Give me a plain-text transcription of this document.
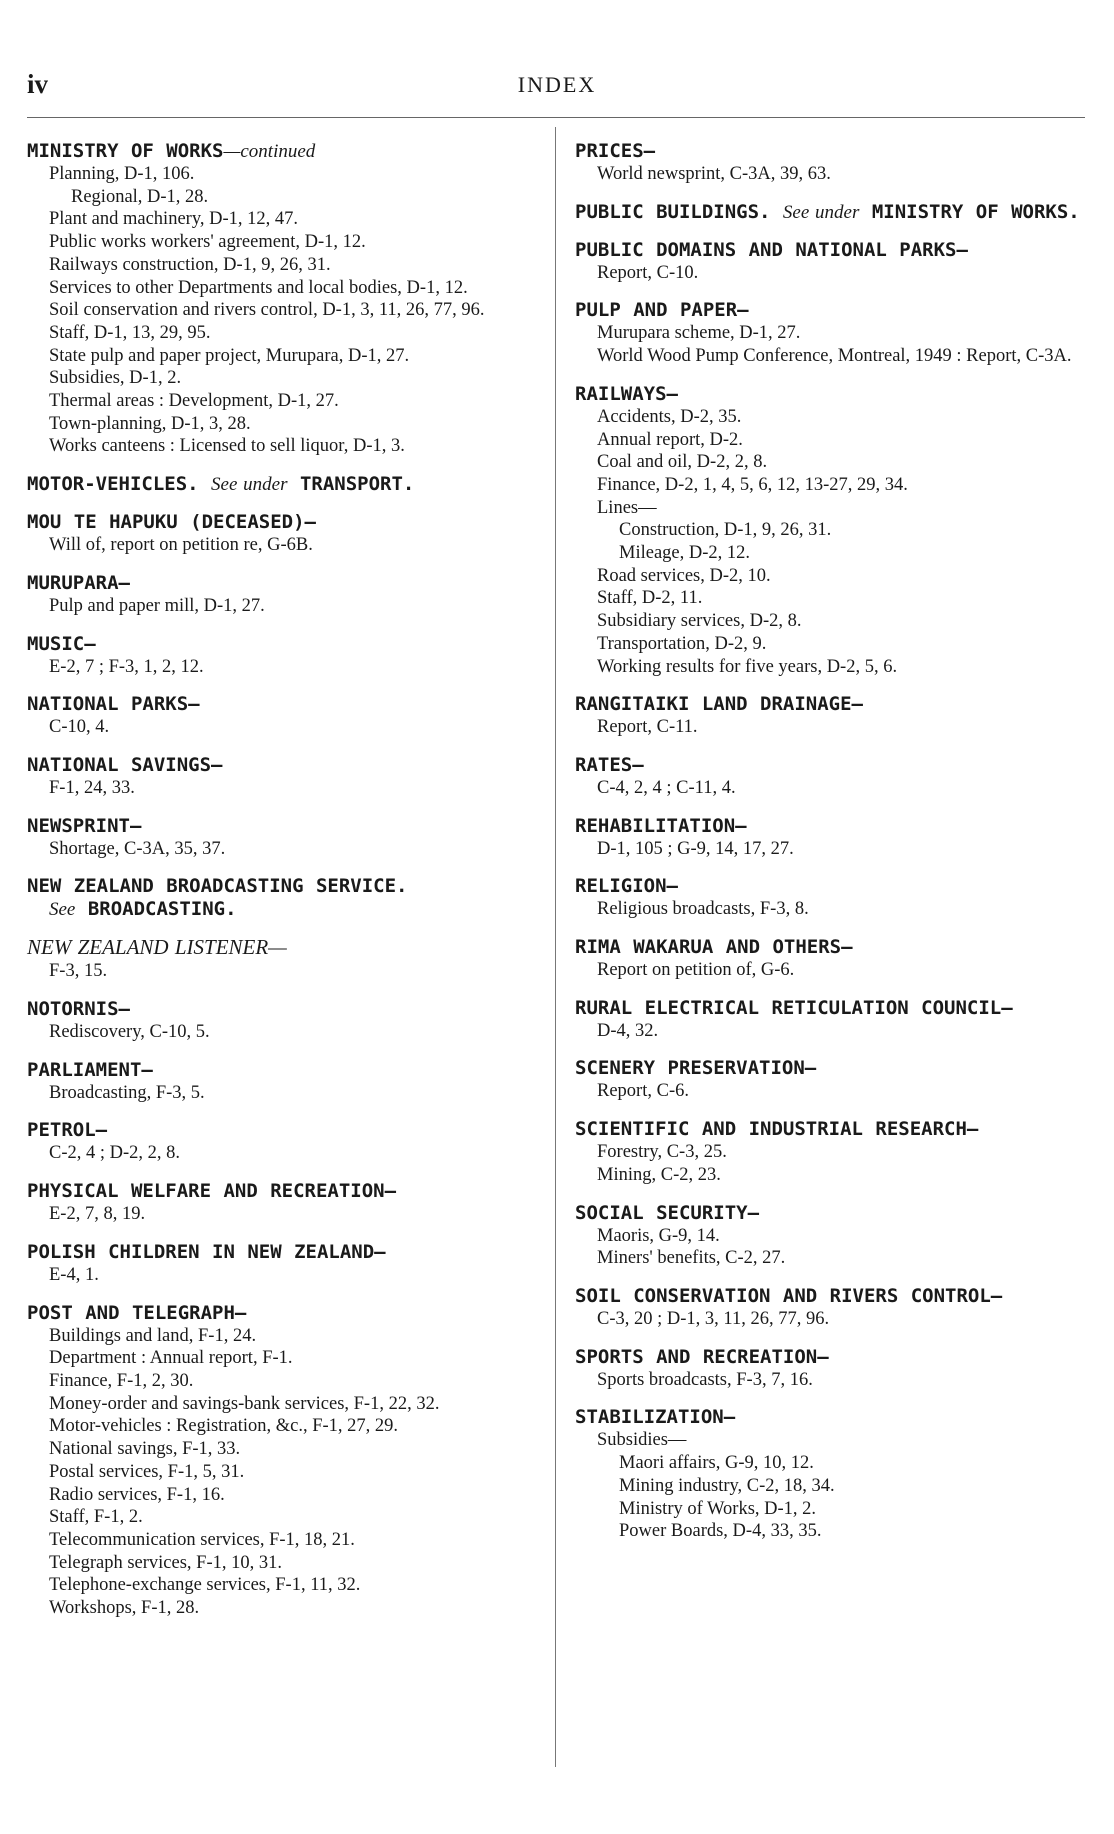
iv	INDEX
MINISTRY OF WORKS—continued
Planning, D-1, 106.
Regional, D-1, 28.
Plant and machinery, D-1, 12, 47.
Public works workers' agreement, D-1, 12.
Railways construction, D-1, 9, 26, 31.
Services to other Departments and local bodies, D-1, 12.
Soil conservation and rivers control, D-1, 3, 11, 26, 77, 96.
Staff, D-1, 13, 29, 95.
State pulp and paper project, Murupara, D-1, 27.
Subsidies, D-1, 2.
Thermal areas : Development, D-1, 27.
Town-planning, D-1, 3, 28.
Works canteens : Licensed to sell liquor, D-1, 3.
MOTOR-VEHICLES. See under TRANSPORT.
MOU TE HAPUKU (DECEASED)—
Will of, report on petition re, G-6B.
MURUPARA—
Pulp and paper mill, D-1, 27.
MUSIC—
E-2, 7 ; F-3, 1, 2, 12.
NATIONAL PARKS—
C-10, 4.
NATIONAL SAVINGS—
F-1, 24, 33.
NEWSPRINT—
Shortage, C-3A, 35, 37.
NEW ZEALAND BROADCASTING SERVICE.
See BROADCASTING.
NEW ZEALAND LISTENER—
F-3, 15.
NOTORNIS—
Rediscovery, C-10, 5.
PARLIAMENT—
Broadcasting, F-3, 5.
PETROL—
C-2, 4 ; D-2, 2, 8.
PHYSICAL WELFARE AND RECREATION—
E-2, 7, 8, 19.
POLISH CHILDREN IN NEW ZEALAND—
E-4, 1.
POST AND TELEGRAPH—
Buildings and land, F-1, 24.
Department : Annual report, F-1.
Finance, F-1, 2, 30.
Money-order and savings-bank services, F-1, 22, 32.
Motor-vehicles : Registration, &c., F-1, 27, 29.
National savings, F-1, 33.
Postal services, F-1, 5, 31.
Radio services, F-1, 16.
Staff, F-1, 2.
Telecommunication services, F-1, 18, 21.
Telegraph services, F-1, 10, 31.
Telephone-exchange services, F-1, 11, 32.
Workshops, F-1, 28.
PRICES—
World newsprint, C-3A, 39, 63.
PUBLIC BUILDINGS. See under MINISTRY OF WORKS.
PUBLIC DOMAINS AND NATIONAL PARKS—
Report, C-10.
PULP AND PAPER—
Murupara scheme, D-1, 27.
World Wood Pump Conference, Montreal, 1949 : Report, C-3A.
RAILWAYS—
Accidents, D-2, 35.
Annual report, D-2.
Coal and oil, D-2, 2, 8.
Finance, D-2, 1, 4, 5, 6, 12, 13-27, 29, 34.
Lines—
Construction, D-1, 9, 26, 31.
Mileage, D-2, 12.
Road services, D-2, 10.
Staff, D-2, 11.
Subsidiary services, D-2, 8.
Transportation, D-2, 9.
Working results for five years, D-2, 5, 6.
RANGITAIKI LAND DRAINAGE—
Report, C-11.
RATES—
C-4, 2, 4 ; C-11, 4.
REHABILITATION—
D-1, 105 ; G-9, 14, 17, 27.
RELIGION—
Religious broadcasts, F-3, 8.
RIMA WAKARUA AND OTHERS—
Report on petition of, G-6.
RURAL ELECTRICAL RETICULATION COUNCIL—
D-4, 32.
SCENERY PRESERVATION—
Report, C-6.
SCIENTIFIC AND INDUSTRIAL RESEARCH—
Forestry, C-3, 25.
Mining, C-2, 23.
SOCIAL SECURITY—
Maoris, G-9, 14.
Miners' benefits, C-2, 27.
SOIL CONSERVATION AND RIVERS CONTROL—
C-3, 20 ; D-1, 3, 11, 26, 77, 96.
SPORTS AND RECREATION—
Sports broadcasts, F-3, 7, 16.
STABILIZATION—
Subsidies—
Maori affairs, G-9, 10, 12.
Mining industry, C-2, 18, 34.
Ministry of Works, D-1, 2.
Power Boards, D-4, 33, 35.
